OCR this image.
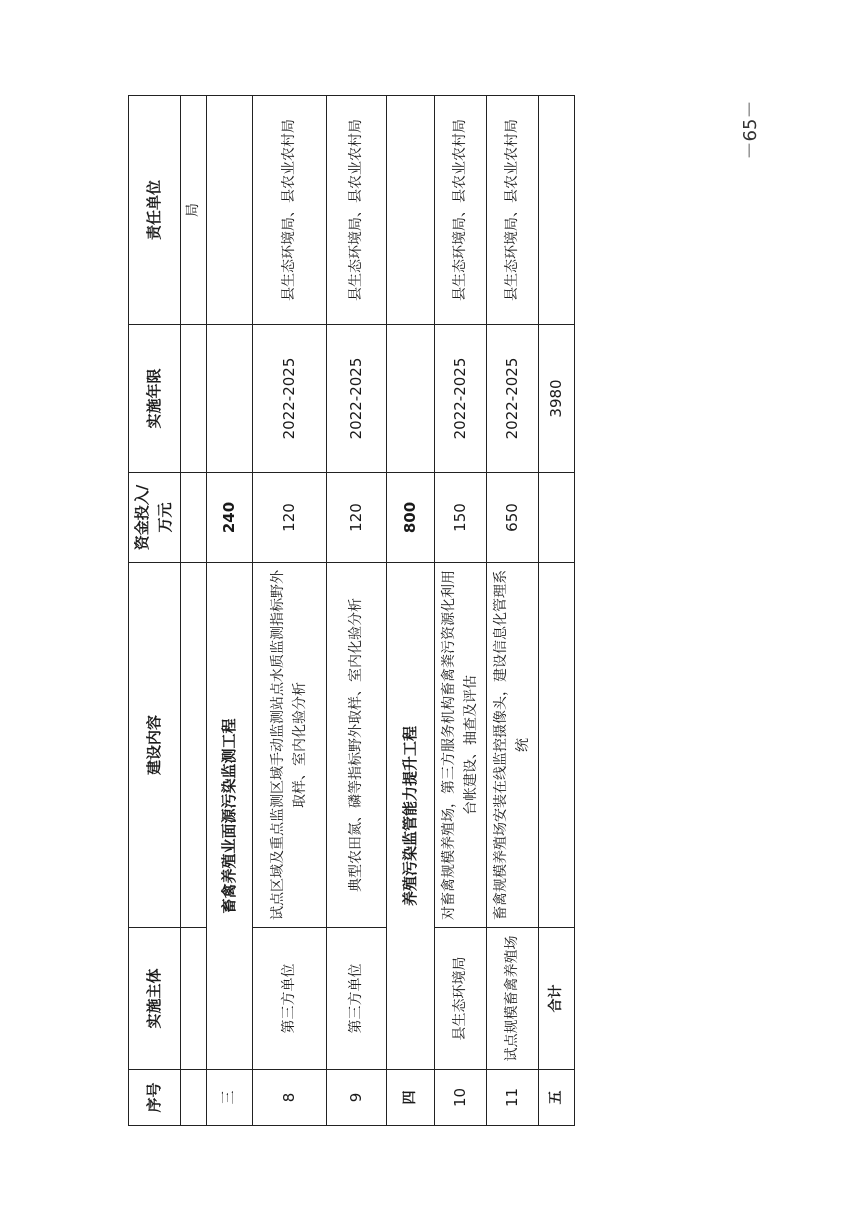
序号	实施主体	建设内容	资金投入/万元	实施年限	责任单位
					局
三	畜禽养殖业面源污染监测工程		240		
8	第三方单位	试点区域及重点监测区域手动监测站点水质监测指标野外取样、室内化验分析	120	2022-2025	县生态环境局、县农业农村局
9	第三方单位	典型农田氮、磷等指标野外取样、室内化验分析	120	2022-2025	县生态环境局、县农业农村局
四	养殖污染监管能力提升工程		800		
10	县生态环境局	对畜禽规模养殖场，第三方服务机构畜禽粪污资源化利用台帐建设、抽查及评估	150	2022-2025	县生态环境局、县农业农村局
11	试点规模畜禽养殖场	畜禽规模养殖场安装在线监控摄像头，建设信息化管理系统	650	2022-2025	县生态环境局、县农业农村局
五	合计			3980	
－65－
